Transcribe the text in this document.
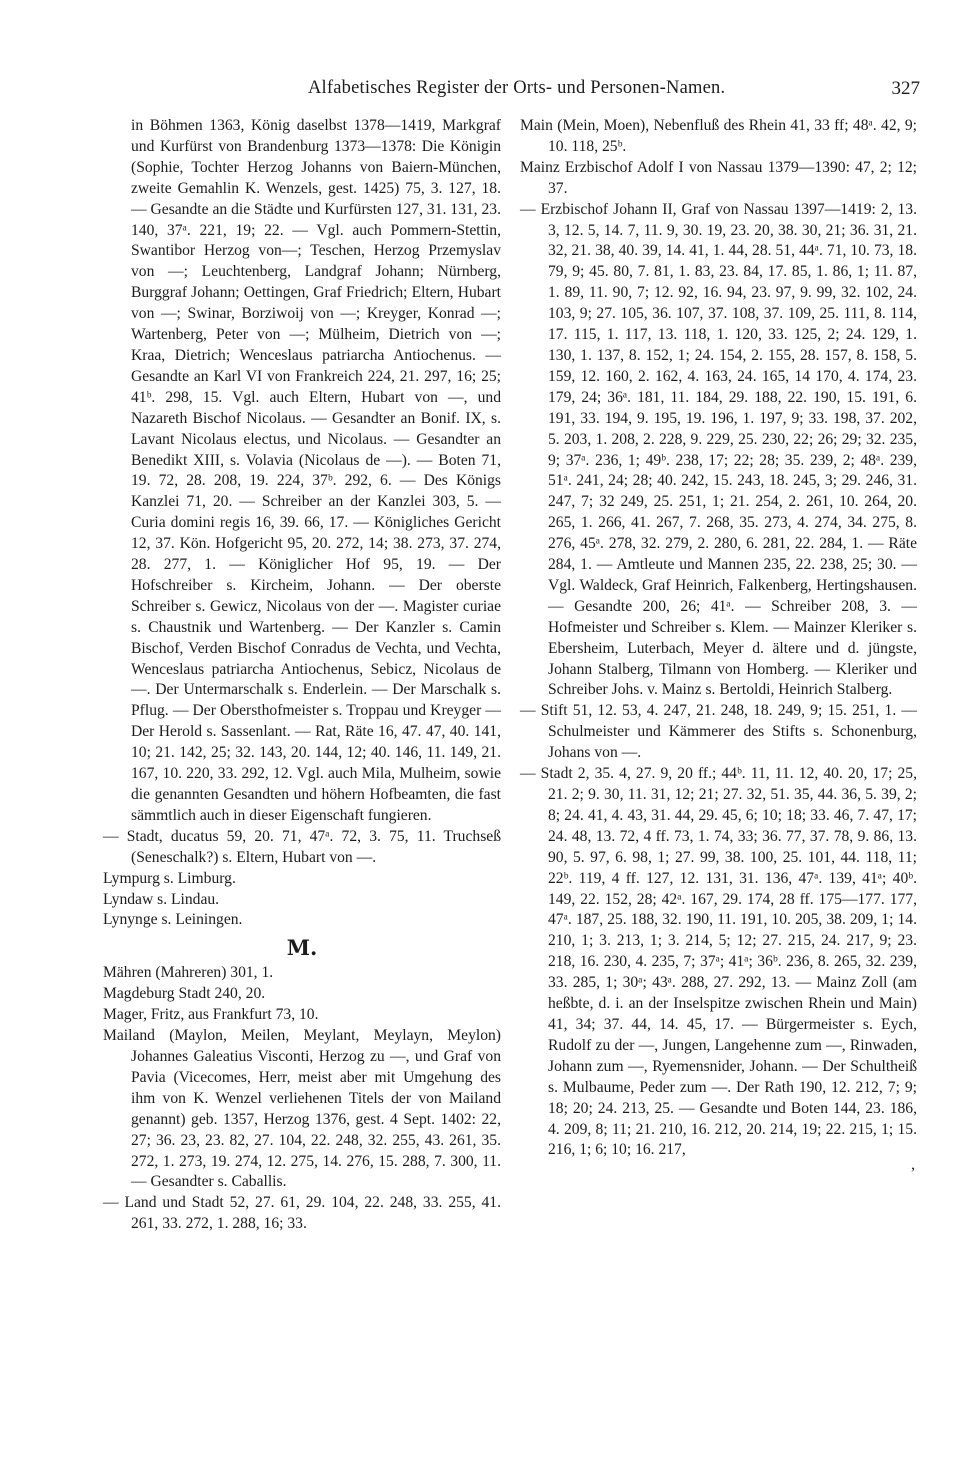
Alfabetisches Register der Orts- und Personen-Namen.	327

in Böhmen 1363, König daselbst 1378—1419, Markgraf und Kurfürst von Brandenburg 1373—1378: Die Königin (Sophie, Tochter Herzog Johanns von Baiern-München, zweite Gemahlin K. Wenzels, gest. 1425) 75, 3. 127, 18. — Gesandte an die Städte und Kurfürsten 127, 31. 131, 23. 140, 37ᵃ. 221, 19; 22. — Vgl. auch Pommern-Stettin, Swantibor Herzog von—; Teschen, Herzog Przemyslav von —; Leuchtenberg, Landgraf Johann; Nürnberg, Burggraf Johann; Oettingen, Graf Friedrich; Eltern, Hubart von —; Swinar, Borziwoij von —; Kreyger, Konrad —; Wartenberg, Peter von —; Mülheim, Dietrich von —; Kraa, Dietrich; Wenceslaus patriarcha Antiochenus. — Gesandte an Karl VI von Frankreich 224, 21. 297, 16; 25; 41ᵇ. 298, 15. Vgl. auch Eltern, Hubart von —, und Nazareth Bischof Nicolaus. — Gesandter an Bonif. IX, s. Lavant Nicolaus electus, und Nicolaus. — Gesandter an Benedikt XIII, s. Volavia (Nicolaus de —). — Boten 71, 19. 72, 28. 208, 19. 224, 37ᵇ. 292, 6. — Des Königs Kanzlei 71, 20. — Schreiber an der Kanzlei 303, 5. — Curia domini regis 16, 39. 66, 17. — Königliches Gericht 12, 37. Kön. Hofgericht 95, 20. 272, 14; 38. 273, 37. 274, 28. 277, 1. — Königlicher Hof 95, 19. — Der Hofschreiber s. Kircheim, Johann. — Der oberste Schreiber s. Gewicz, Nicolaus von der —. Magister curiae s. Chaustnik und Wartenberg. — Der Kanzler s. Camin Bischof, Verden Bischof Conradus de Vechta, und Vechta, Wenceslaus patriarcha Antiochenus, Sebicz, Nicolaus de —. Der Untermarschalk s. Enderlein. — Der Marschalk s. Pflug. — Der Obersthofmeister s. Troppau und Kreyger — Der Herold s. Sassenlant. — Rat, Räte 16, 47. 47, 40. 141, 10; 21. 142, 25; 32. 143, 20. 144, 12; 40. 146, 11. 149, 21. 167, 10. 220, 33. 292, 12. Vgl. auch Mila, Mulheim, sowie die genannten Gesandten und höhern Hofbeamten, die fast sämmtlich auch in dieser Eigenschaft fungieren.

— Stadt, ducatus 59, 20. 71, 47ᵃ. 72, 3. 75, 11. Truchseß (Seneschalk?) s. Eltern, Hubart von —.

Lympurg s. Limburg.

Lyndaw s. Lindau.

Lynynge s. Leiningen.

M.

Mähren (Mahreren) 301, 1.

Magdeburg Stadt 240, 20.

Mager, Fritz, aus Frankfurt 73, 10.

Mailand (Maylon, Meilen, Meylant, Meylayn, Meylon) Johannes Galeatius Visconti, Herzog zu —, und Graf von Pavia (Vicecomes, Herr, meist aber mit Umgehung des ihm von K. Wenzel verliehenen Titels der von Mailand genannt) geb. 1357, Herzog 1376, gest. 4 Sept. 1402: 22, 27; 36. 23, 23. 82, 27. 104, 22. 248, 32. 255, 43. 261, 35. 272, 1. 273, 19. 274, 12. 275, 14. 276, 15. 288, 7. 300, 11. — Gesandter s. Caballis.

— Land und Stadt 52, 27. 61, 29. 104, 22. 248, 33. 255, 41. 261, 33. 272, 1. 288, 16; 33.

Main (Mein, Moen), Nebenfluß des Rhein 41, 33 ff; 48ᵃ. 42, 9; 10. 118, 25ᵇ.

Mainz Erzbischof Adolf I von Nassau 1379—1390: 47, 2; 12; 37.

— Erzbischof Johann II, Graf von Nassau 1397—1419: 2, 13. 3, 12. 5, 14. 7, 11. 9, 30. 19, 23. 20, 38. 30, 21; 36. 31, 21. 32, 21. 38, 40. 39, 14. 41, 1. 44, 28. 51, 44ᵃ. 71, 10. 73, 18. 79, 9; 45. 80, 7. 81, 1. 83, 23. 84, 17. 85, 1. 86, 1; 11. 87, 1. 89, 11. 90, 7; 12. 92, 16. 94, 23. 97, 9. 99, 32. 102, 24. 103, 9; 27. 105, 36. 107, 37. 108, 37. 109, 25. 111, 8. 114, 17. 115, 1. 117, 13. 118, 1. 120, 33. 125, 2; 24. 129, 1. 130, 1. 137, 8. 152, 1; 24. 154, 2. 155, 28. 157, 8. 158, 5. 159, 12. 160, 2. 162, 4. 163, 24. 165, 14 170, 4. 174, 23. 179, 24; 36ᵃ. 181, 11. 184, 29. 188, 22. 190, 15. 191, 6. 191, 33. 194, 9. 195, 19. 196, 1. 197, 9; 33. 198, 37. 202, 5. 203, 1. 208, 2. 228, 9. 229, 25. 230, 22; 26; 29; 32. 235, 9; 37ᵃ. 236, 1; 49ᵇ. 238, 17; 22; 28; 35. 239, 2; 48ᵃ. 239, 51ᵃ. 241, 24; 28; 40. 242, 15. 243, 18. 245, 3; 29. 246, 31. 247, 7; 32 249, 25. 251, 1; 21. 254, 2. 261, 10. 264, 20. 265, 1. 266, 41. 267, 7. 268, 35. 273, 4. 274, 34. 275, 8. 276, 45ᵃ. 278, 32. 279, 2. 280, 6. 281, 22. 284, 1. — Räte 284, 1. — Amtleute und Mannen 235, 22. 238, 25; 30. — Vgl. Waldeck, Graf Heinrich, Falkenberg, Hertingshausen. — Gesandte 200, 26; 41ᵃ. — Schreiber 208, 3. — Hofmeister und Schreiber s. Klem. — Mainzer Kleriker s. Ebersheim, Luterbach, Meyer d. ältere und d. jüngste, Johann Stalberg, Tilmann von Homberg. — Kleriker und Schreiber Johs. v. Mainz s. Bertoldi, Heinrich Stalberg.

— Stift 51, 12. 53, 4. 247, 21. 248, 18. 249, 9; 15. 251, 1. — Schulmeister und Kämmerer des Stifts s. Schonenburg, Johans von —.

— Stadt 2, 35. 4, 27. 9, 20 ff.; 44ᵇ. 11, 11. 12, 40. 20, 17; 25, 21. 2; 9. 30, 11. 31, 12; 21; 27. 32, 51. 35, 44. 36, 5. 39, 2; 8; 24. 41, 4. 43, 31. 44, 29. 45, 6; 10; 18; 33. 46, 7. 47, 17; 24. 48, 13. 72, 4 ff. 73, 1. 74, 33; 36. 77, 37. 78, 9. 86, 13. 90, 5. 97, 6. 98, 1; 27. 99, 38. 100, 25. 101, 44. 118, 11; 22ᵇ. 119, 4 ff. 127, 12. 131, 31. 136, 47ᵃ. 139, 41ᵃ; 40ᵇ. 149, 22. 152, 28; 42ᵃ. 167, 29. 174, 28 ff. 175—177. 177, 47ᵃ. 187, 25. 188, 32. 190, 11. 191, 10. 205, 38. 209, 1; 14. 210, 1; 3. 213, 1; 3. 214, 5; 12; 27. 215, 24. 217, 9; 23. 218, 16. 230, 4. 235, 7; 37ᵃ; 41ᵃ; 36ᵇ. 236, 8. 265, 32. 239, 33. 285, 1; 30ᵃ; 43ᵃ. 288, 27. 292, 13. — Mainz Zoll (am heßbte, d. i. an der Inselspitze zwischen Rhein und Main) 41, 34; 37. 44, 14. 45, 17. — Bürgermeister s. Eych, Rudolf zu der —, Jungen, Langehenne zum —, Rinwaden, Johann zum —, Ryemensnider, Johann. — Der Schultheiß s. Mulbaume, Peder zum —. Der Rath 190, 12. 212, 7; 9; 18; 20; 24. 213, 25. — Gesandte und Boten 144, 23. 186, 4. 209, 8; 11; 21. 210, 16. 212, 20. 214, 19; 22. 215, 1; 15. 216, 1; 6; 10; 16. 217,

,
